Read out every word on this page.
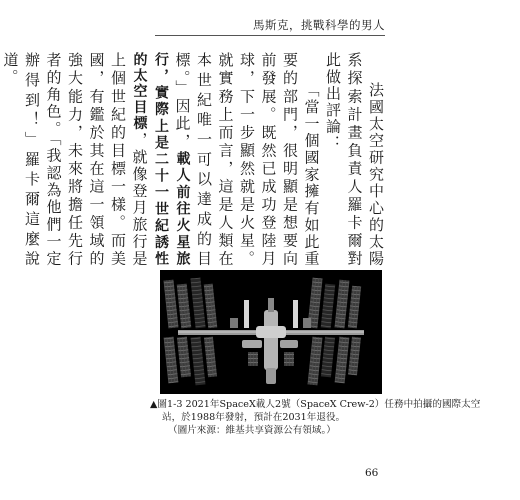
馬斯克，挑戰科學的男人

法國太空研究中心的太陽系探索計畫負責人羅卡爾對此做出評論：

「當一個國家擁有如此重要的部門，很明顯是想要向前發展。既然已成功登陸月球，下一步顯然就是火星。就實務上而言，這是人類在本世紀唯一可以達成的目標。」因此，載人前往火星旅行，實際上是二十一世紀誘性的太空目標，就像登月旅行是上個世紀的目標一樣。而美國，有鑑於其在這一領域的強大能力，未來將擔任先行者的角色。「我認為他們一定辦得到！」羅卡爾這麼說道。

▲圖1-3 2021年SpaceX載人2號（SpaceX Crew-2）任務中拍攝的國際太空
站，於1988年發射，預計在2031年退役。
（圖片來源：維基共享資源公有領域。）
66
